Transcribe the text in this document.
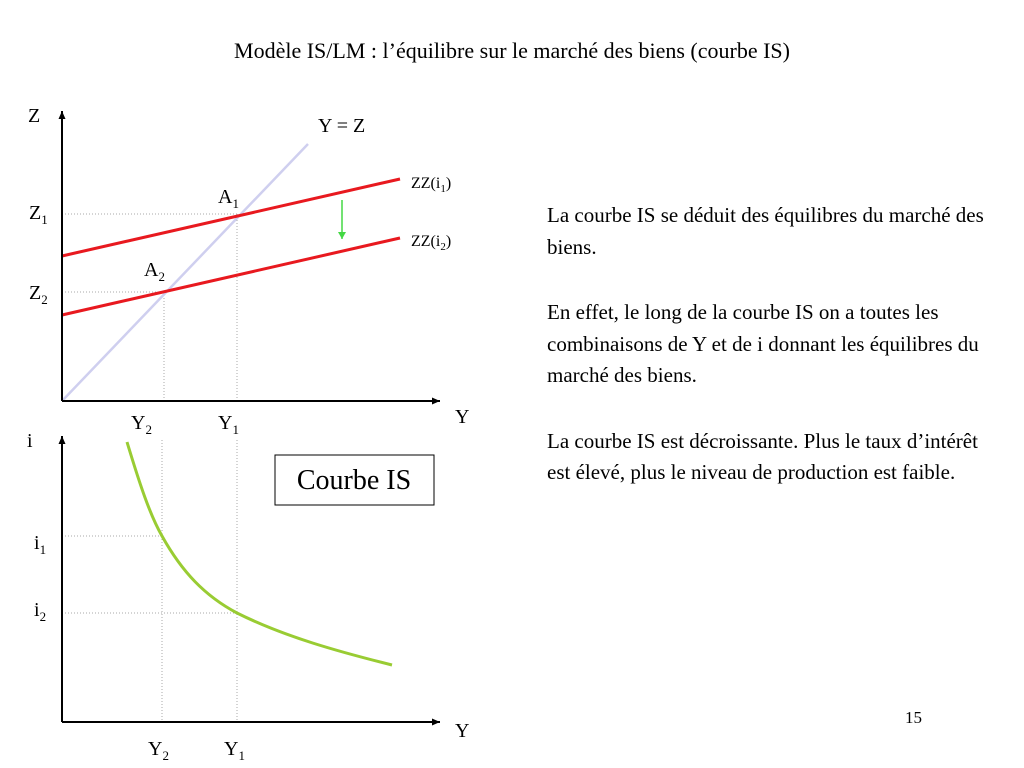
Modèle IS/LM : l’équilibre sur le marché des biens (courbe IS)
Z
Y
Y = Z
$ZZ(i_1)$
$ZZ(i_2)$
$A_1$
$A_2$
$Z_1$
$Z_2$
$Y_2$	$Y_1$
i
Y
$i_1$
$i_2$
$Y_2$	$Y_1$
Courbe IS

La courbe IS se déduit des équilibres du marché des biens.

En effet, le long de la courbe IS on a toutes les combinaisons de Y et de i donnant les équilibres du marché des biens.

La courbe IS est décroissante. Plus le taux d’intérêt est élevé, plus le niveau de production est faible.

15
